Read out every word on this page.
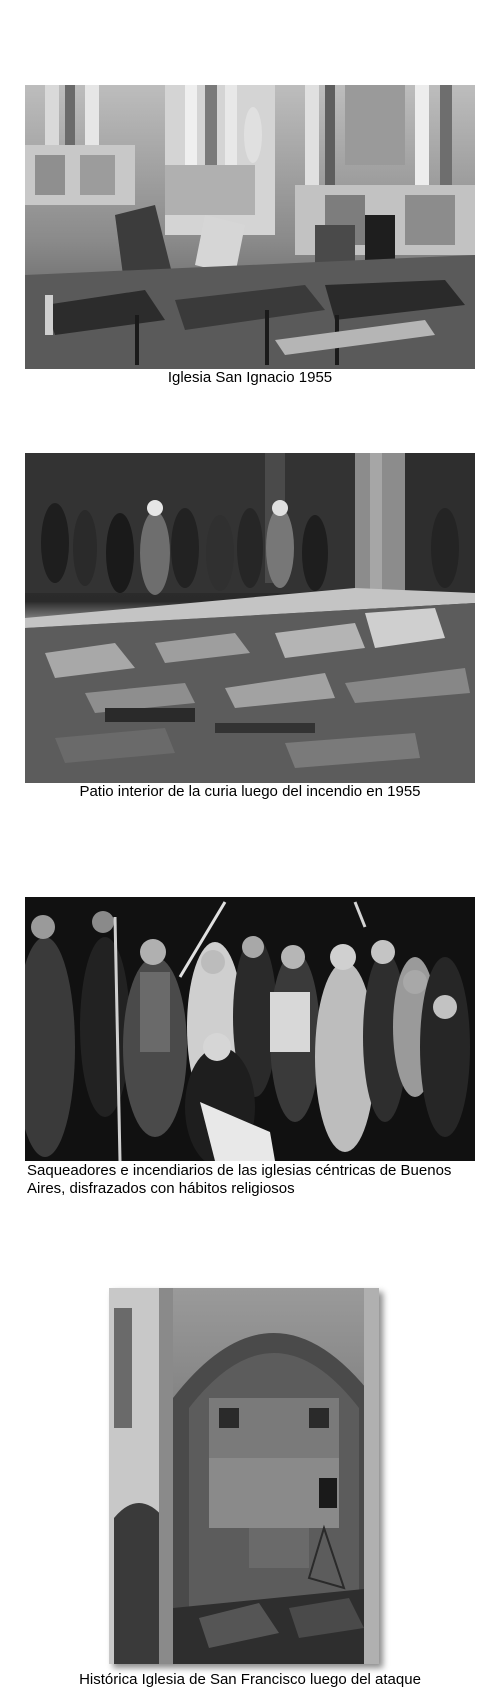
Iglesia San Ignacio 1955
Patio interior de la curia luego del incendio en 1955
Saqueadores e incendiarios de las iglesias céntricas de Buenos Aires, disfrazados con hábitos religiosos
Histórica Iglesia de San Francisco luego del ataque
